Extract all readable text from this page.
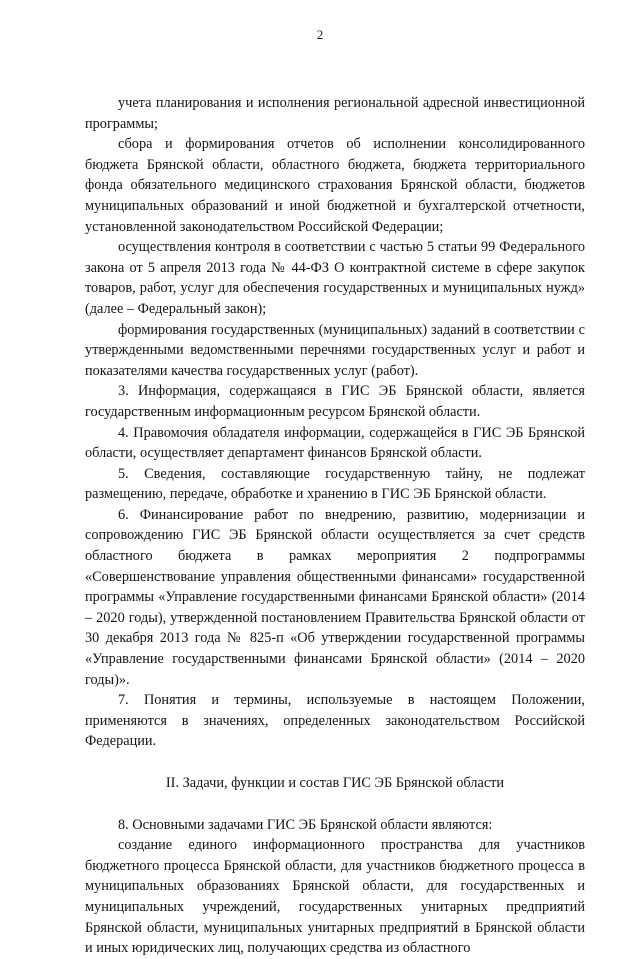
2

учета планирования и исполнения региональной адресной инвестиционной программы;

сбора и формирования отчетов об исполнении консолидированного бюджета Брянской области, областного бюджета, бюджета территориального фонда обязательного медицинского страхования Брянской области, бюджетов муниципальных образований и иной бюджетной и бухгалтерской отчетности, установленной законодательством Российской Федерации;

осуществления контроля в соответствии с частью 5 статьи 99 Федерального закона от 5 апреля 2013 года № 44-ФЗ О контрактной системе в сфере закупок товаров, работ, услуг для обеспечения государственных и муниципальных нужд» (далее – Федеральный закон);

формирования государственных (муниципальных) заданий в соответствии с утвержденными ведомственными перечнями государственных услуг и работ и показателями качества государственных услуг (работ).

3. Информация, содержащаяся в ГИС ЭБ Брянской области, является государственным информационным ресурсом Брянской области.

4. Правомочия обладателя информации, содержащейся в ГИС ЭБ Брянской области, осуществляет департамент финансов Брянской области.

5. Сведения, составляющие государственную тайну, не подлежат размещению, передаче, обработке и хранению в ГИС ЭБ Брянской области.

6. Финансирование работ по внедрению, развитию, модернизации и сопровождению ГИС ЭБ Брянской области осуществляется за счет средств областного бюджета в рамках мероприятия 2 подпрограммы «Совершенствование управления общественными финансами» государственной программы «Управление государственными финансами Брянской области» (2014 – 2020 годы), утвержденной постановлением Правительства Брянской области от 30 декабря 2013 года № 825-п «Об утверждении государственной программы «Управление государственными финансами Брянской области» (2014 – 2020 годы)».

7. Понятия и термины, используемые в настоящем Положении, применяются в значениях, определенных законодательством Российской Федерации.

II. Задачи, функции и состав ГИС ЭБ Брянской области

8. Основными задачами ГИС ЭБ Брянской области являются:

создание единого информационного пространства для участников бюджетного процесса Брянской области, для участников бюджетного процесса в муниципальных образованиях Брянской области, для государственных и муниципальных учреждений, государственных унитарных предприятий Брянской области, муниципальных унитарных предприятий в Брянской области и иных юридических лиц, получающих средства из областного
